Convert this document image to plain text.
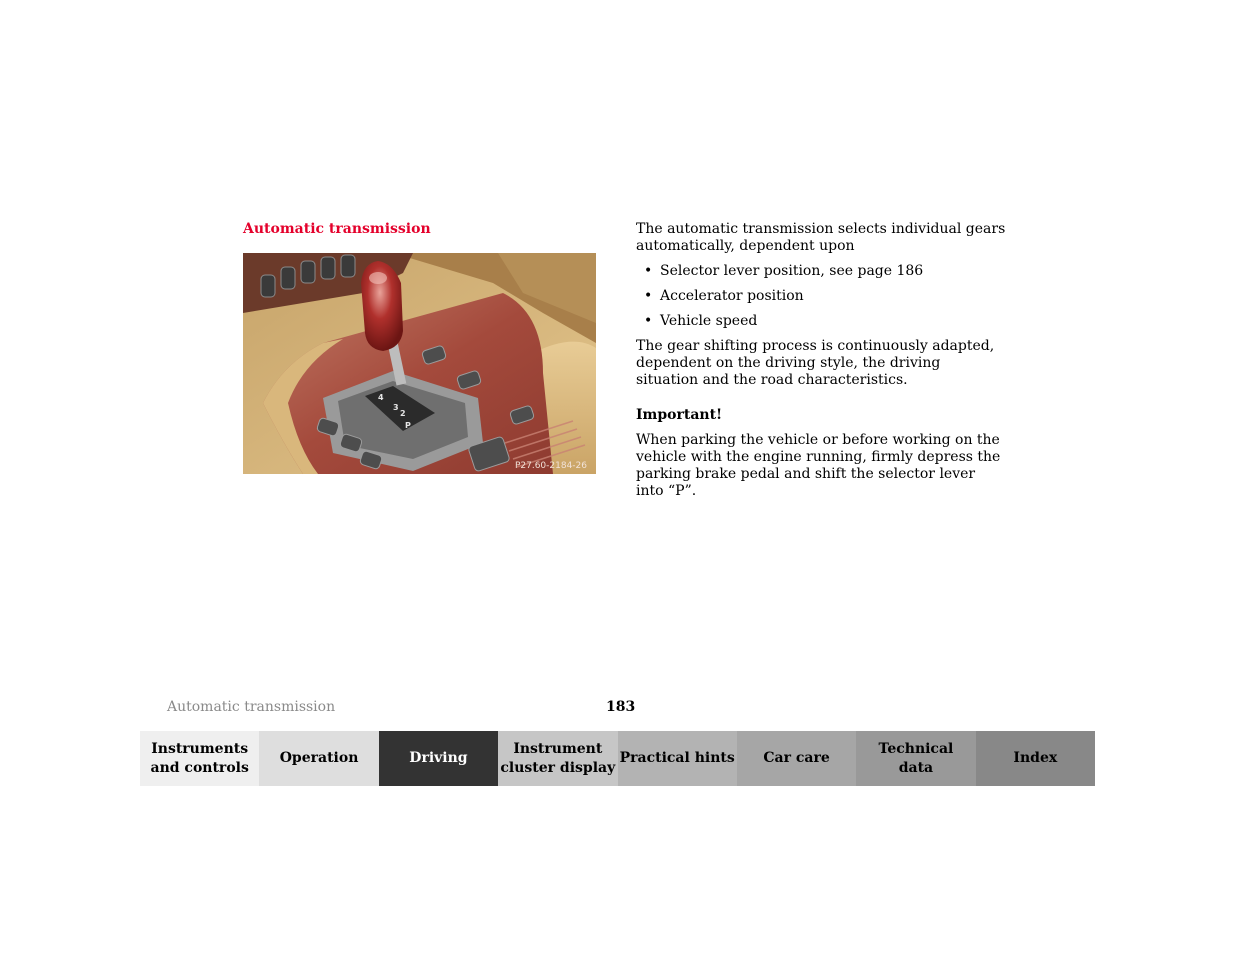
Automatic transmission
4
3
2
P
P27.60-2184-26

The automatic transmission selects individual gears automatically, dependent upon

• Selector lever position, see page 186
• Accelerator position
• Vehicle speed

The gear shifting process is continuously adapted, dependent on the driving style, the driving situation and the road characteristics.

Important!

When parking the vehicle or before working on the vehicle with the engine running, firmly depress the parking brake pedal and shift the selector lever into “P”.

Automatic transmission	183
Instruments
and controls
Operation	Driving
Instrument
cluster display
Practical hints Car care
Technical
data
Index
